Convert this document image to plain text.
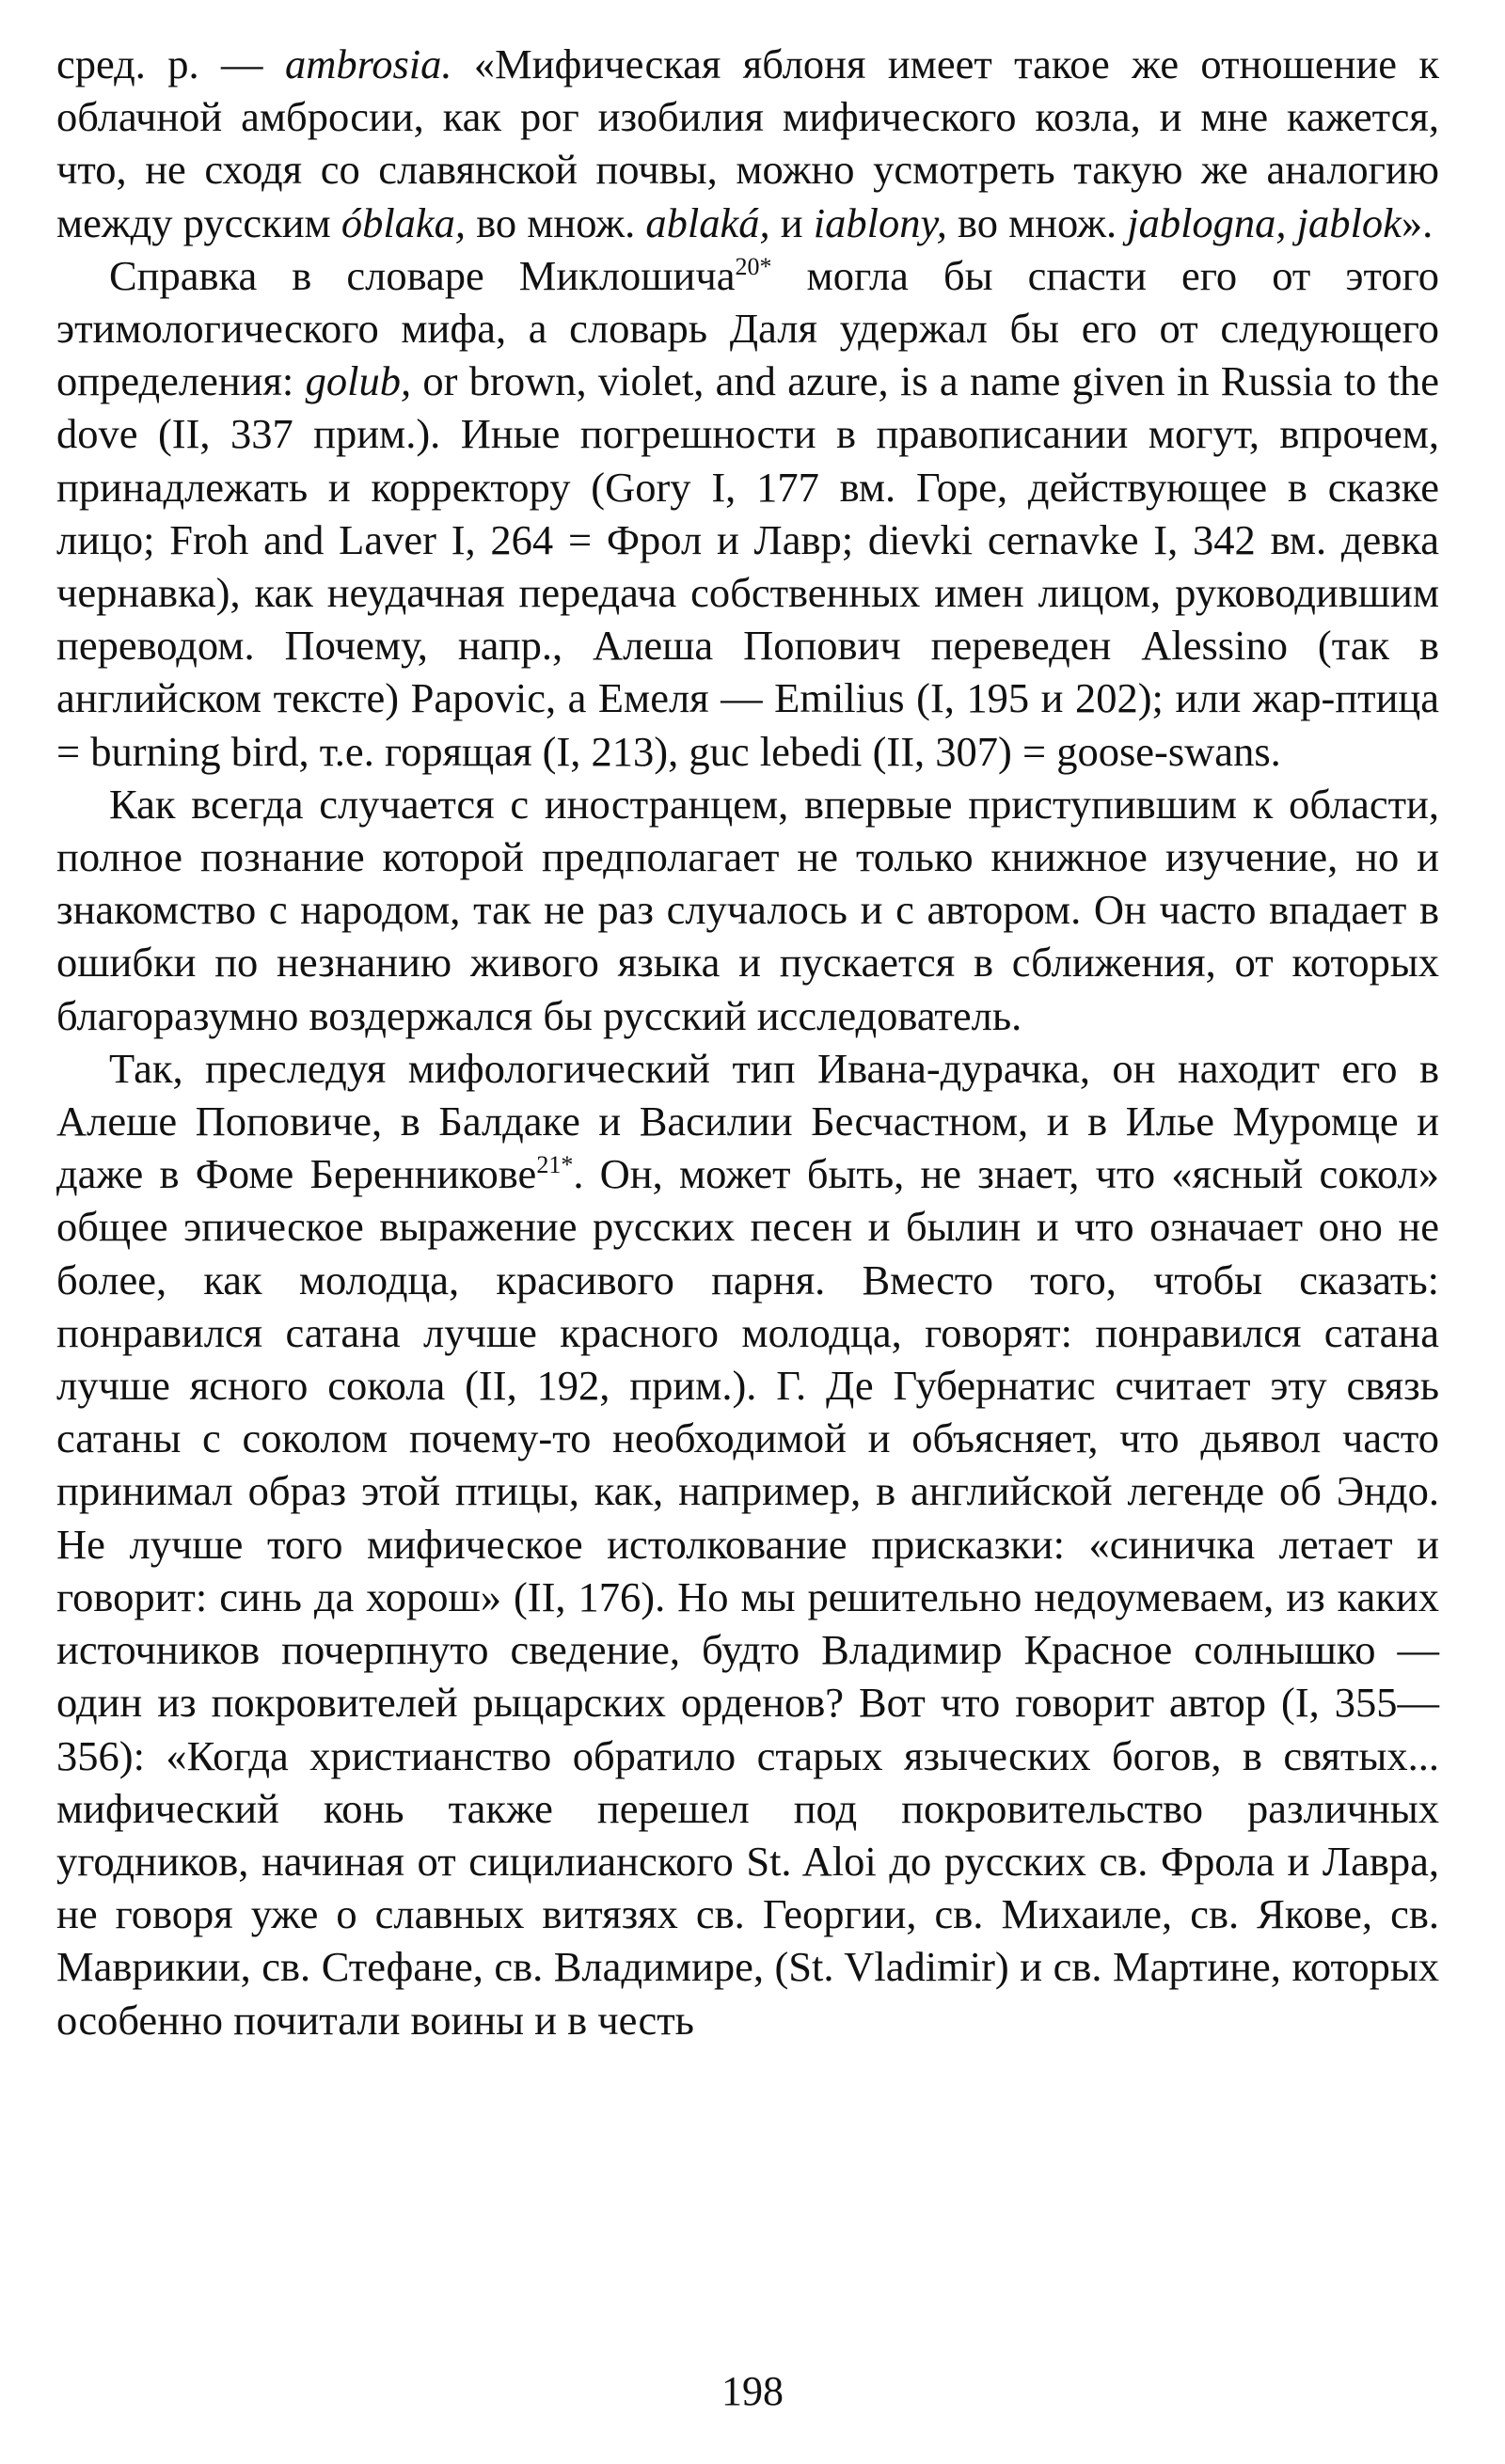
сред. р. — ambrosia. «Мифическая яблоня имеет такое же отношение к облачной амбросии, как рог изобилия мифического козла, и мне кажется, что, не сходя со славянской почвы, можно усмотреть такую же аналогию между русским óblaka, во множ. ablaká, и iablony, во множ. jablogna, jablok».

Справка в словаре Миклошича$^{20*}$ могла бы спасти его от этого этимологического мифа, а словарь Даля удержал бы его от следующего определения: golub, or brown, violet, and azure, is a name given in Russia to the dove (II, 337 прим.). Иные погрешности в правописании могут, впрочем, принадлежать и корректору (Gory I, 177 вм. Горе, действующее в сказке лицо; Froh and Laver I, 264 = Фрол и Лавр; dievki cernavke I, 342 вм. девка чернавка), как неудачная передача собственных имен лицом, руководившим переводом. Почему, напр., Алеша Попович переведен Alessino (так в английском тексте) Papovic, а Емеля — Emilius (I, 195 и 202); или жар-птица = burning bird, т.е. горящая (I, 213), guc lebedi (II, 307) = goose-swans.

Как всегда случается с иностранцем, впервые приступившим к области, полное познание которой предполагает не только книжное изучение, но и знакомство с народом, так не раз случалось и с автором. Он часто впадает в ошибки по незнанию живого языка и пускается в сближения, от которых благоразумно воздержался бы русский исследователь.

Так, преследуя мифологический тип Ивана-дурачка, он находит его в Алеше Поповиче, в Балдаке и Василии Бесчастном, и в Илье Муромце и даже в Фоме Беренникове$^{21*}$. Он, может быть, не знает, что «ясный сокол» общее эпическое выражение русских песен и былин и что означает оно не более, как молодца, красивого парня. Вместо того, чтобы сказать: понравился сатана лучше красного молодца, говорят: понравился сатана лучше ясного сокола (II, 192, прим.). Г. Де Губернатис считает эту связь сатаны с соколом почему-то необходимой и объясняет, что дьявол часто принимал образ этой птицы, как, например, в английской легенде об Эндо. Не лучше того мифическое истолкование присказки: «синичка летает и говорит: синь да хорош» (II, 176). Но мы решительно недоумеваем, из каких источников почерпнуто сведение, будто Владимир Красное солнышко — один из покровителей рыцарских орденов? Вот что говорит автор (I, 355—356): «Когда христианство обратило старых языческих богов, в святых... мифический конь также перешел под покровительство различных угодников, начиная от сицилианского St. Aloi до русских св. Фрола и Лавра, не говоря уже о славных витязях св. Георгии, св. Михаиле, св. Якове, св. Маврикии, св. Стефане, св. Владимире, (St. Vladimir) и св. Мартине, которых особенно почитали воины и в честь

198
